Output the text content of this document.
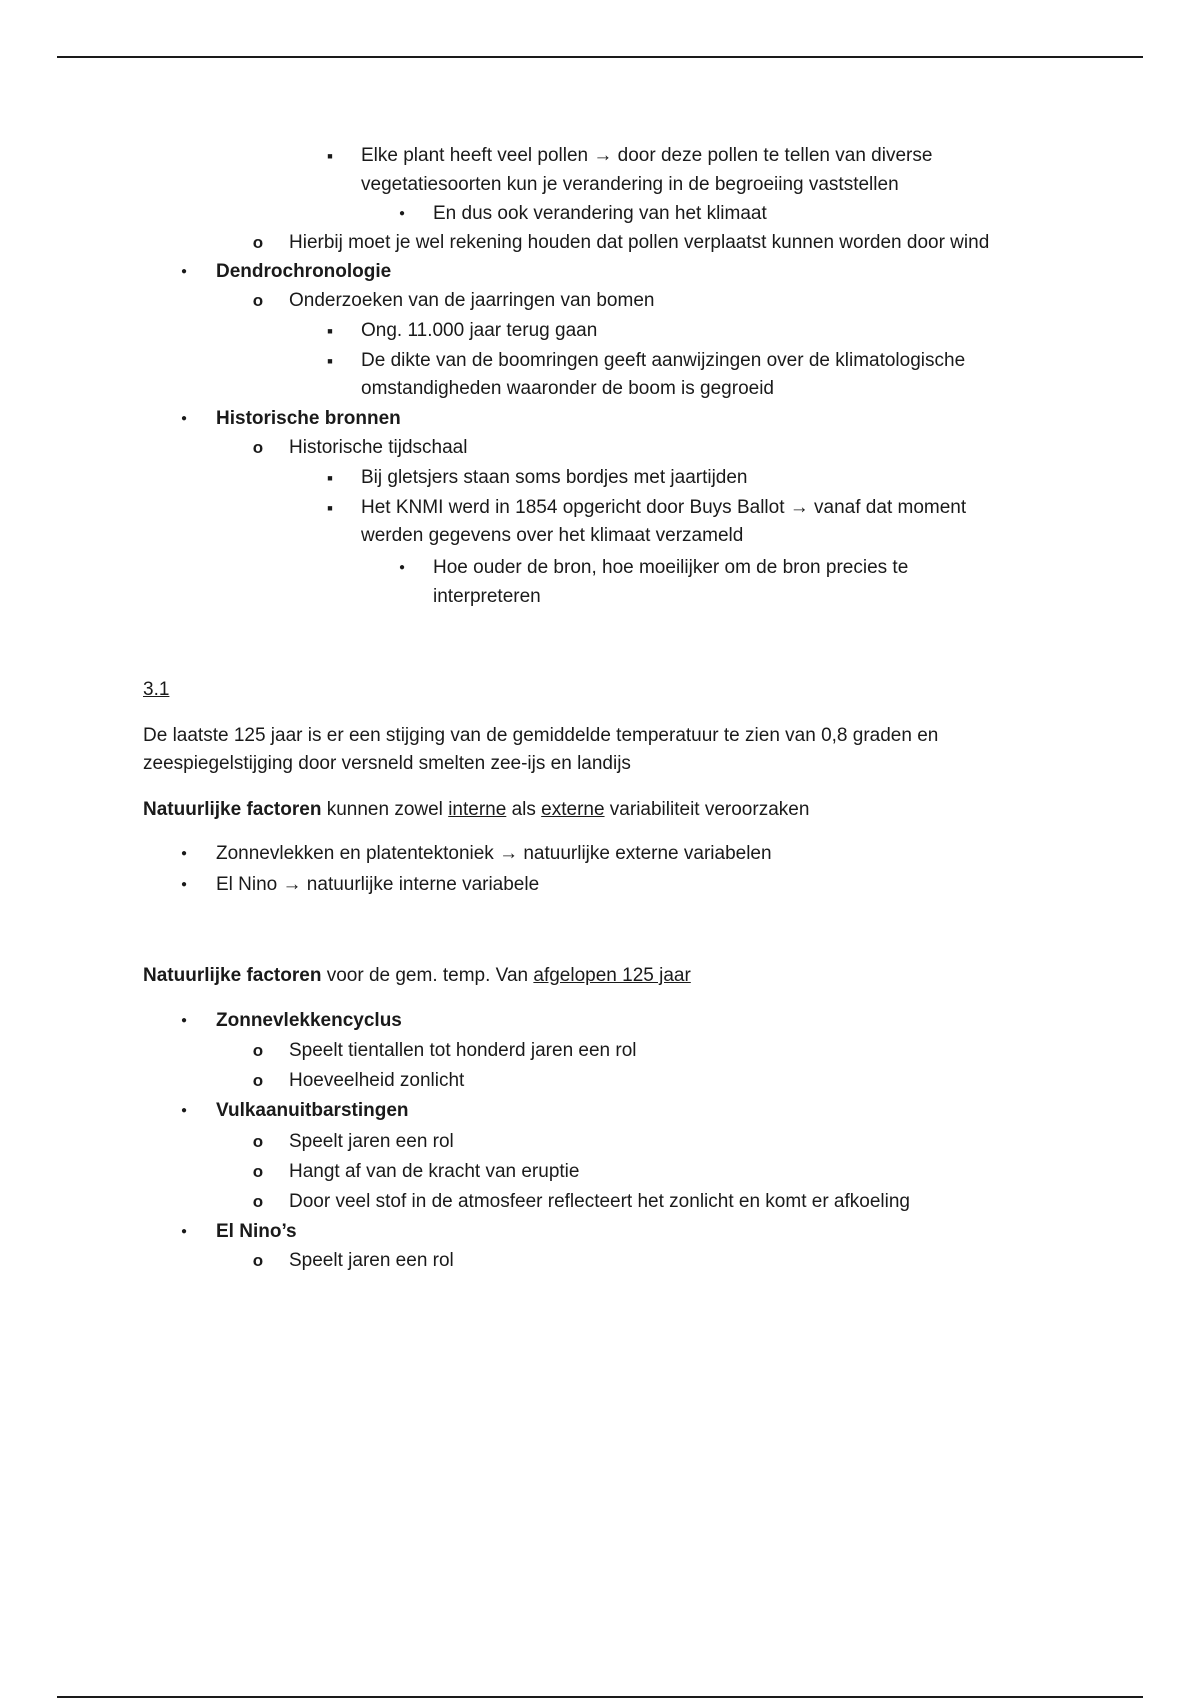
■
Elke plant heeft veel pollen → door deze pollen te tellen van diverse
vegetatiesoorten kun je verandering in de begroeiing vaststellen
●
En dus ook verandering van het klimaat
o
Hierbij moet je wel rekening houden dat pollen verplaatst kunnen worden door wind
●
Dendrochronologie
o
Onderzoeken van de jaarringen van bomen
■
Ong. 11.000 jaar terug gaan
■
De dikte van de boomringen geeft aanwijzingen over de klimatologische
omstandigheden waaronder de boom is gegroeid
●
Historische bronnen
o
Historische tijdschaal
■
Bij gletsjers staan soms bordjes met jaartijden
■
Het KNMI werd in 1854 opgericht door Buys Ballot → vanaf dat moment
werden gegevens over het klimaat verzameld
●
Hoe ouder de bron, hoe moeilijker om de bron precies te
interpreteren
3.1
De laatste 125 jaar is er een stijging van de gemiddelde temperatuur te zien van 0,8 graden en
zeespiegelstijging door versneld smelten zee-ijs en landijs
Natuurlijke factoren kunnen zowel interne als externe variabiliteit veroorzaken
●
Zonnevlekken en platentektoniek → natuurlijke externe variabelen
●
El Nino → natuurlijke interne variabele
Natuurlijke factoren voor de gem. temp. Van afgelopen 125 jaar
●
Zonnevlekkencyclus
o
Speelt tientallen tot honderd jaren een rol
o
Hoeveelheid zonlicht
●
Vulkaanuitbarstingen
o
Speelt jaren een rol
o
Hangt af van de kracht van eruptie
o
Door veel stof in de atmosfeer reflecteert het zonlicht en komt er afkoeling
●
El Nino’s
o
Speelt jaren een rol
